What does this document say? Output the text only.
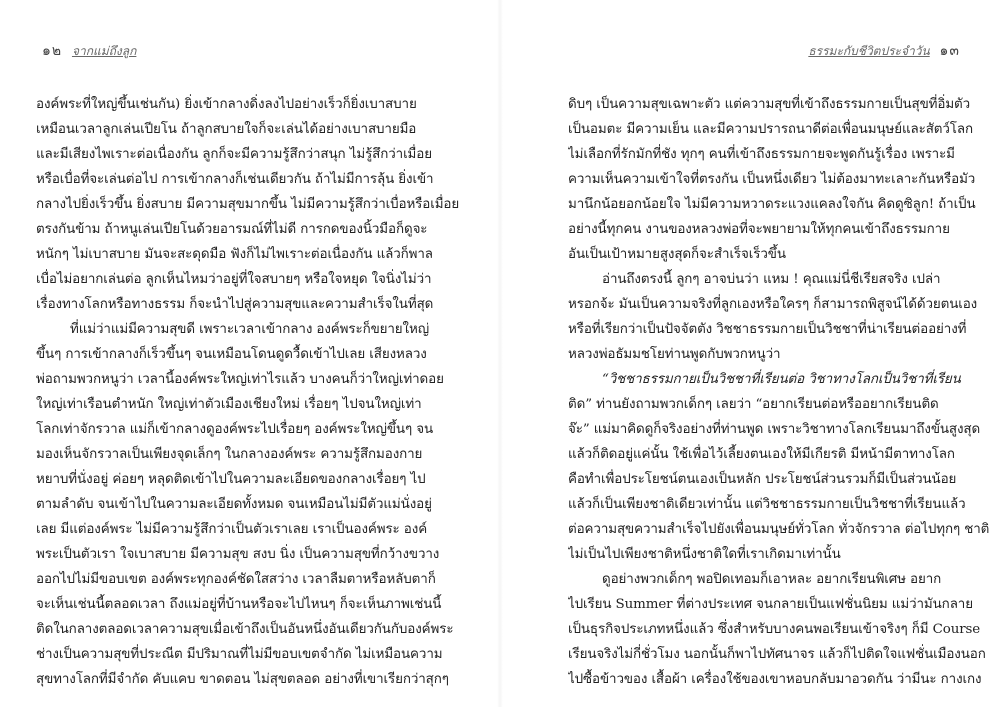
๑๒ จากแม่ถึงลูก
องค์พระที่ใหญ่ขึ้นเช่นกัน) ยิ่งเข้ากลางดิ่งลงไปอย่างเร็วก็ยิ่งเบาสบาย
เหมือนเวลาลูกเล่นเปียโน ถ้าลูกสบายใจก็จะเล่นได้อย่างเบาสบายมือ
และมีเสียงไพเราะต่อเนื่องกัน ลูกก็จะมีความรู้สึกว่าสนุก ไม่รู้สึกว่าเมื่อย
หรือเบื่อที่จะเล่นต่อไป การเข้ากลางก็เช่นเดียวกัน ถ้าไม่มีการลุ้น ยิ่งเข้า
กลางไปยิ่งเร็วขึ้น ยิ่งสบาย มีความสุขมากขึ้น ไม่มีความรู้สึกว่าเบื่อหรือเมื่อย
ตรงกันข้าม ถ้าหนูเล่นเปียโนด้วยอารมณ์ที่ไม่ดี การกดของนิ้วมือก็ดูจะ
หนักๆ ไม่เบาสบาย มันจะสะดุดมือ ฟังก็ไม่ไพเราะต่อเนื่องกัน แล้วก็พาล
เบื่อไม่อยากเล่นต่อ ลูกเห็นไหมว่าอยู่ที่ใจสบายๆ หรือใจหยุด ใจนิ่งไม่ว่า
เรื่องทางโลกหรือทางธรรม ก็จะนำไปสู่ความสุขและความสำเร็จในที่สุด
ที่แม่ว่าแม่มีความสุขดี เพราะเวลาเข้ากลาง องค์พระก็ขยายใหญ่
ขึ้นๆ การเข้ากลางก็เร็วขึ้นๆ จนเหมือนโดนดูดวื้ดเข้าไปเลย เสียงหลวง
พ่อถามพวกหนูว่า เวลานี้องค์พระใหญ่เท่าไรแล้ว บางคนก็ว่าใหญ่เท่าดอย
ใหญ่เท่าเรือนตำหนัก ใหญ่เท่าตัวเมืองเชียงใหม่ เรื่อยๆ ไปจนใหญ่เท่า
โลกเท่าจักรวาล แม่ก็เข้ากลางดูองค์พระไปเรื่อยๆ องค์พระใหญ่ขึ้นๆ จน
มองเห็นจักรวาลเป็นเพียงจุดเล็กๆ ในกลางองค์พระ ความรู้สึกมองกาย
หยาบที่นั่งอยู่ ค่อยๆ หลุดติดเข้าไปในความละเอียดของกลางเรื่อยๆ ไป
ตามลำดับ จนเข้าไปในความละเอียดทั้งหมด จนเหมือนไม่มีตัวแม่นั่งอยู่
เลย มีแต่องค์พระ ไม่มีความรู้สึกว่าเป็นตัวเราเลย เราเป็นองค์พระ องค์
พระเป็นตัวเรา ใจเบาสบาย มีความสุข สงบ นิ่ง เป็นความสุขที่กว้างขวาง
ออกไปไม่มีขอบเขต องค์พระทุกองค์ชัดใสสว่าง เวลาลืมตาหรือหลับตาก็
จะเห็นเช่นนี้ตลอดเวลา ถึงแม่อยู่ที่บ้านหรือจะไปไหนๆ ก็จะเห็นภาพเช่นนี้
ติดในกลางตลอดเวลาความสุขเมื่อเข้าถึงเป็นอันหนึ่งอันเดียวกันกับองค์พระ
ช่างเป็นความสุขที่ประณีต มีปริมาณที่ไม่มีขอบเขตจำกัด ไม่เหมือนความ
สุขทางโลกที่มีจำกัด คับแคบ ขาดตอน ไม่สุขตลอด อย่างที่เขาเรียกว่าสุกๆ
ธรรมะกับชีวิตประจำวัน ๑๓
ดิบๆ เป็นความสุขเฉพาะตัว แต่ความสุขที่เข้าถึงธรรมกายเป็นสุขที่อิ่มตัว
เป็นอมตะ มีความเย็น และมีความปรารถนาดีต่อเพื่อนมนุษย์และสัตว์โลก
ไม่เลือกที่รักมักที่ชัง ทุกๆ คนที่เข้าถึงธรรมกายจะพูดกันรู้เรื่อง เพราะมี
ความเห็นความเข้าใจที่ตรงกัน เป็นหนึ่งเดียว ไม่ต้องมาทะเลาะกันหรือมัว
มานึกน้อยอกน้อยใจ ไม่มีความหวาดระแวงแคลงใจกัน คิดดูซิลูก! ถ้าเป็น
อย่างนี้ทุกคน งานของหลวงพ่อที่จะพยายามให้ทุกคนเข้าถึงธรรมกาย
อันเป็นเป้าหมายสูงสุดก็จะสำเร็จเร็วขึ้น
อ่านถึงตรงนี้ ลูกๆ อาจบ่นว่า แหม ! คุณแม่นี่ชีเรียสจริง เปล่า
หรอกจ้ะ มันเป็นความจริงที่ลูกเองหรือใครๆ ก็สามารถพิสูจน์ได้ด้วยตนเอง
หรือที่เรียกว่าเป็นปัจจัตตัง วิชชาธรรมกายเป็นวิชชาที่น่าเรียนต่ออย่างที่
หลวงพ่อธัมมชโยท่านพูดกับพวกหนูว่า
“วิชชาธรรมกายเป็นวิชชาที่เรียนต่อ วิชาทางโลกเป็นวิชาที่เรียน
ติด” ท่านยังถามพวกเด็กๆ เลยว่า “อยากเรียนต่อหรืออยากเรียนติด
จ๊ะ” แม่มาคิดดูก็จริงอย่างที่ท่านพูด เพราะวิชาทางโลกเรียนมาถึงขั้นสูงสุด
แล้วก็ติดอยู่แค่นั้น ใช้เพื่อไว้เลี้ยงตนเองให้มีเกียรติ มีหน้ามีตาทางโลก
คือทำเพื่อประโยชน์ตนเองเป็นหลัก ประโยชน์ส่วนรวมก็มีเป็นส่วนน้อย
แล้วก็เป็นเพียงชาติเดียวเท่านั้น แต่วิชชาธรรมกายเป็นวิชชาที่เรียนแล้ว
ต่อความสุขความสำเร็จไปยังเพื่อนมนุษย์ทั่วโลก ทั่วจักรวาล ต่อไปทุกๆ ชาติ
ไม่เป็นไปเพียงชาติหนึ่งชาติใดที่เราเกิดมาเท่านั้น
ดูอย่างพวกเด็กๆ พอปิดเทอมก็เอาหละ อยากเรียนพิเศษ อยาก
ไปเรียน Summer ที่ต่างประเทศ จนกลายเป็นแฟชั่นนิยม แม่ว่ามันกลาย
เป็นธุรกิจประเภทหนึ่งแล้ว ซึ่งสำหรับบางคนพอเรียนเข้าจริงๆ ก็มี Course
เรียนจริงไม่กี่ชั่วโมง นอกนั้นก็พาไปทัศนาจร แล้วก็ไปติดใจแฟชั่นเมืองนอก
ไปซื้อข้าวของ เสื้อผ้า เครื่องใช้ของเขาหอบกลับมาอวดกัน ว่ามีนะ กางเกง
